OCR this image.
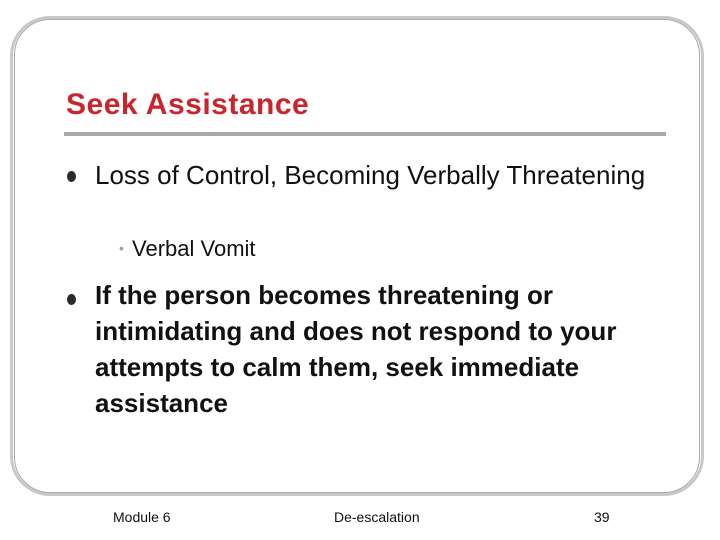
Seek Assistance
Loss of Control, Becoming Verbally Threatening
• Verbal Vomit
If the person becomes threatening or intimidating and does not respond to your attempts to calm them, seek immediate assistance
Module 6	De-escalation	39
